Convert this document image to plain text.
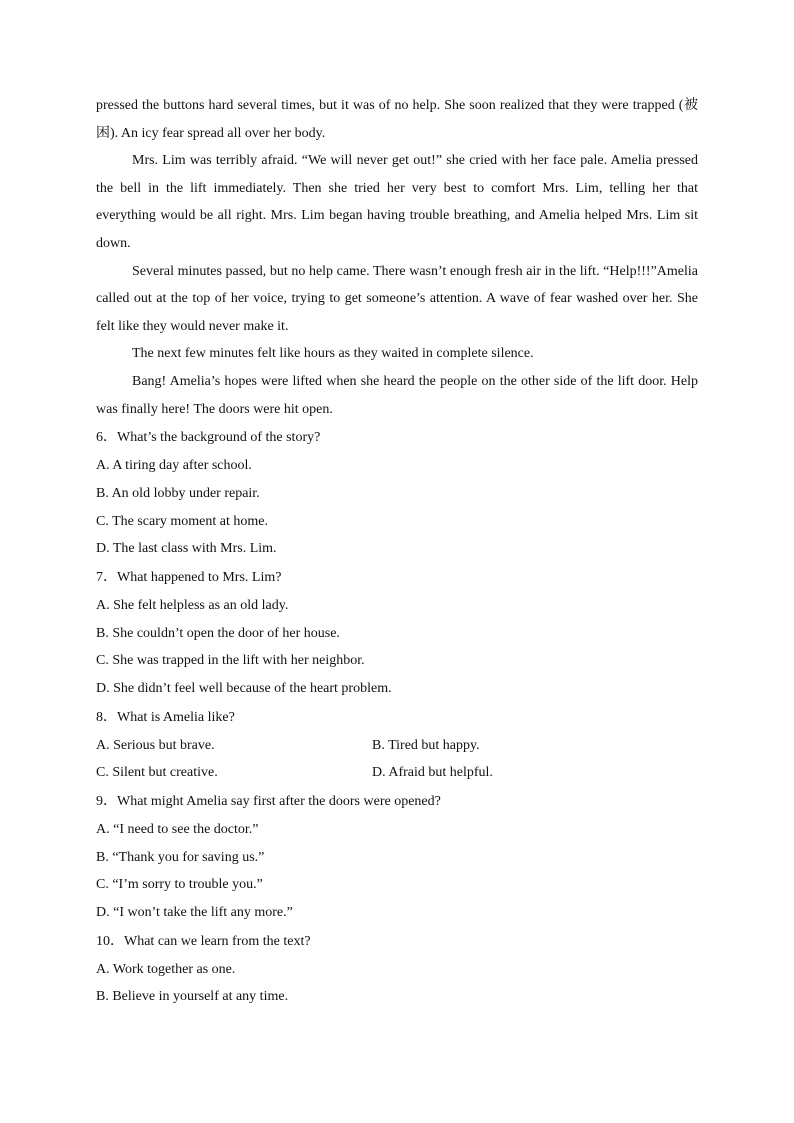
pressed the buttons hard several times, but it was of no help. She soon realized that they were trapped (被困). An icy fear spread all over her body.

Mrs. Lim was terribly afraid. “We will never get out!” she cried with her face pale. Amelia pressed the bell in the lift immediately. Then she tried her very best to comfort Mrs. Lim, telling her that everything would be all right. Mrs. Lim began having trouble breathing, and Amelia helped Mrs. Lim sit down.

Several minutes passed, but no help came. There wasn’t enough fresh air in the lift. “Help!!!”Amelia called out at the top of her voice, trying to get someone’s attention. A wave of fear washed over her. She felt like they would never make it.

The next few minutes felt like hours as they waited in complete silence.

Bang! Amelia’s hopes were lifted when she heard the people on the other side of the lift door. Help was finally here! The doors were hit open.

6．What’s the background of the story?

A. A tiring day after school.

B. An old lobby under repair.

C. The scary moment at home.

D. The last class with Mrs. Lim.

7．What happened to Mrs. Lim?

A. She felt helpless as an old lady.

B. She couldn’t open the door of her house.

C. She was trapped in the lift with her neighbor.

D. She didn’t feel well because of the heart problem.

8．What is Amelia like?

A. Serious but brave.	B. Tired but happy.
C. Silent but creative.	D. Afraid but helpful.

9．What might Amelia say first after the doors were opened?

A. “I need to see the doctor.”

B. “Thank you for saving us.”

C. “I’m sorry to trouble you.”

D. “I won’t take the lift any more.”

10．What can we learn from the text?

A. Work together as one.

B. Believe in yourself at any time.
